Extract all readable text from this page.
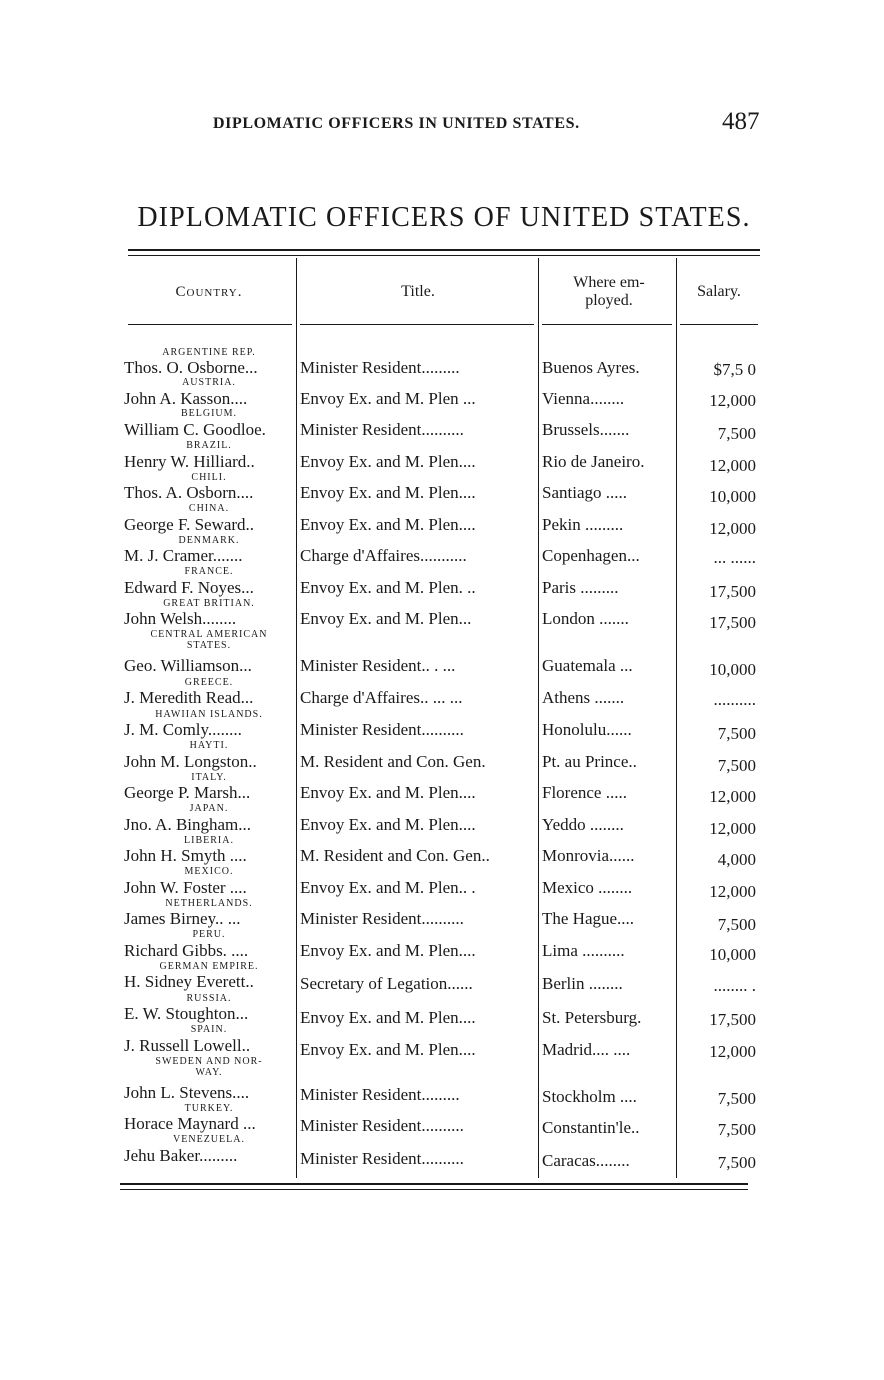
DIPLOMATIC OFFICERS IN UNITED STATES.	487
DIPLOMATIC OFFICERS OF UNITED STATES.
Country.	Title.
Where em-
ployed.
Salary.
ARGENTINE REP.
Thos. O. Osborne...	Minister Resident.........	Buenos Ayres.	$7,5 0
AUSTRIA.
John A. Kasson....	Envoy Ex. and M. Plen ...	Vienna........	12,000
BELGIUM.
William C. Goodloe.	Minister Resident..........	Brussels.......	7,500
BRAZIL.
Henry W. Hilliard..	Envoy Ex. and M. Plen....	Rio de Janeiro.	12,000
CHILI.
Thos. A. Osborn....	Envoy Ex. and M. Plen....	Santiago .....	10,000
CHINA.
George F. Seward..	Envoy Ex. and M. Plen....	Pekin .........	12,000
DENMARK.
M. J. Cramer.......	Charge d'Affaires...........	Copenhagen...	... ......
FRANCE.
Edward F. Noyes...	Envoy Ex. and M. Plen. ..	Paris .........	17,500
GREAT BRITIAN.
John Welsh........	Envoy Ex. and M. Plen...	London .......	17,500
CENTRAL AMERICAN
STATES.
Geo. Williamson...	Minister Resident.. . ...	Guatemala ...	10,000
GREECE.
J. Meredith Read...	Charge d'Affaires.. ... ...	Athens .......	..........
HAWIIAN ISLANDS.
J. M. Comly........	Minister Resident..........	Honolulu......	7,500
HAYTI.
John M. Longston..	M. Resident and Con. Gen.	Pt. au Prince..	7,500
ITALY.
George P. Marsh...	Envoy Ex. and M. Plen....	Florence .....	12,000
JAPAN.
Jno. A. Bingham...	Envoy Ex. and M. Plen....	Yeddo ........	12,000
LIBERIA.
John H. Smyth ....	M. Resident and Con. Gen..	Monrovia......	4,000
MEXICO.
John W. Foster ....	Envoy Ex. and M. Plen.. .	Mexico ........	12,000
NETHERLANDS.
James Birney.. ...	Minister Resident..........	The Hague....	7,500
PERU.
Richard Gibbs. ....	Envoy Ex. and M. Plen....	Lima ..........	10,000
GERMAN EMPIRE.
H. Sidney Everett..	Secretary of Legation......	Berlin ........	........ .
RUSSIA.
E. W. Stoughton...	Envoy Ex. and M. Plen....	St. Petersburg.	17,500
SPAIN.
J. Russell Lowell..	Envoy Ex. and M. Plen....	Madrid.... ....	12,000
SWEDEN AND NOR-
WAY.
John L. Stevens....	Minister Resident.........	Stockholm ....	7,500
TURKEY.
Horace Maynard ...	Minister Resident..........	Constantin'le..	7,500
VENEZUELA.
Jehu Baker.........	Minister Resident..........	Caracas........	7,500
